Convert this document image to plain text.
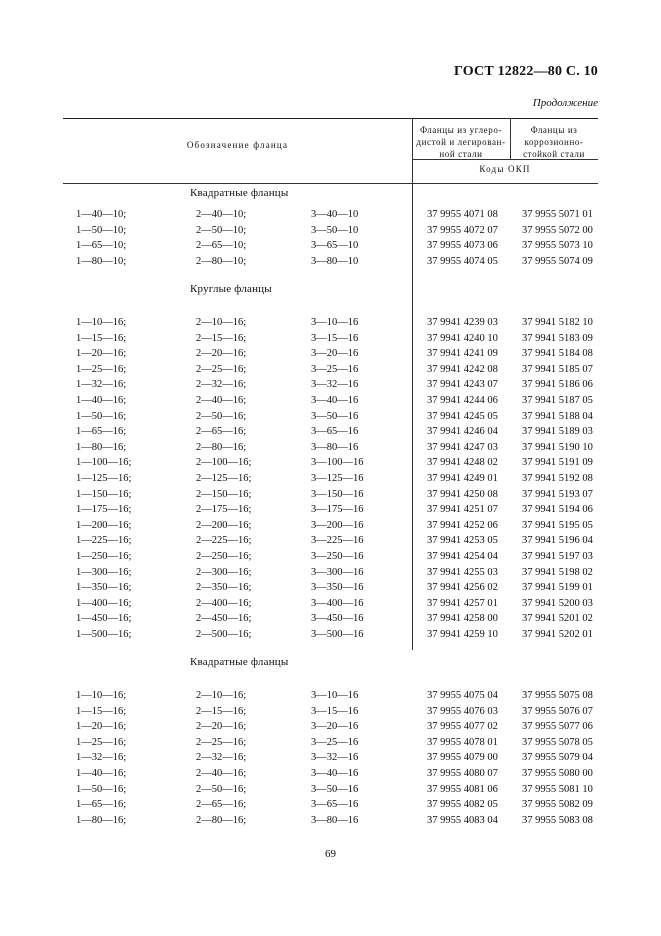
ГОСТ 12822—80 С. 10
Продолжение
Обозначение фланца
Фланцы из углеро-
дистой и легирован-
ной стали
Фланцы из
коррозионно-
стойкой стали
Коды ОКП
Квадратные фланцы
1—40—10;	2—40—10;	3—40—10	37 9955 4071 08 37 9955 5071 01
1—50—10;	2—50—10;	3—50—10	37 9955 4072 07 37 9955 5072 00
1—65—10;	2—65—10;	3—65—10	37 9955 4073 06 37 9955 5073 10
1—80—10;	2—80—10;	3—80—10	37 9955 4074 05 37 9955 5074 09
Круглые фланцы
1—10—16;	2—10—16;	3—10—16	37 9941 4239 03 37 9941 5182 10
1—15—16;	2—15—16;	3—15—16	37 9941 4240 10 37 9941 5183 09
1—20—16;	2—20—16;	3—20—16	37 9941 4241 09 37 9941 5184 08
1—25—16;	2—25—16;	3—25—16	37 9941 4242 08 37 9941 5185 07
1—32—16;	2—32—16;	3—32—16	37 9941 4243 07 37 9941 5186 06
1—40—16;	2—40—16;	3—40—16	37 9941 4244 06 37 9941 5187 05
1—50—16;	2—50—16;	3—50—16	37 9941 4245 05 37 9941 5188 04
1—65—16;	2—65—16;	3—65—16	37 9941 4246 04 37 9941 5189 03
1—80—16;	2—80—16;	3—80—16	37 9941 4247 03 37 9941 5190 10
1—100—16;	2—100—16;	3—100—16	37 9941 4248 02 37 9941 5191 09
1—125—16;	2—125—16;	3—125—16	37 9941 4249 01 37 9941 5192 08
1—150—16;	2—150—16;	3—150—16	37 9941 4250 08 37 9941 5193 07
1—175—16;	2—175—16;	3—175—16	37 9941 4251 07 37 9941 5194 06
1—200—16;	2—200—16;	3—200—16	37 9941 4252 06 37 9941 5195 05
1—225—16;	2—225—16;	3—225—16	37 9941 4253 05 37 9941 5196 04
1—250—16;	2—250—16;	3—250—16	37 9941 4254 04 37 9941 5197 03
1—300—16;	2—300—16;	3—300—16	37 9941 4255 03 37 9941 5198 02
1—350—16;	2—350—16;	3—350—16	37 9941 4256 02 37 9941 5199 01
1—400—16;	2—400—16;	3—400—16	37 9941 4257 01 37 9941 5200 03
1—450—16;	2—450—16;	3—450—16	37 9941 4258 00 37 9941 5201 02
1—500—16;	2—500—16;	3—500—16	37 9941 4259 10 37 9941 5202 01
Квадратные фланцы
1—10—16;	2—10—16;	3—10—16	37 9955 4075 04 37 9955 5075 08
1—15—16;	2—15—16;	3—15—16	37 9955 4076 03 37 9955 5076 07
1—20—16;	2—20—16;	3—20—16	37 9955 4077 02 37 9955 5077 06
1—25—16;	2—25—16;	3—25—16	37 9955 4078 01 37 9955 5078 05
1—32—16;	2—32—16;	3—32—16	37 9955 4079 00 37 9955 5079 04
1—40—16;	2—40—16;	3—40—16	37 9955 4080 07 37 9955 5080 00
1—50—16;	2—50—16;	3—50—16	37 9955 4081 06 37 9955 5081 10
1—65—16;	2—65—16;	3—65—16	37 9955 4082 05 37 9955 5082 09
1—80—16;	2—80—16;	3—80—16	37 9955 4083 04 37 9955 5083 08
69
